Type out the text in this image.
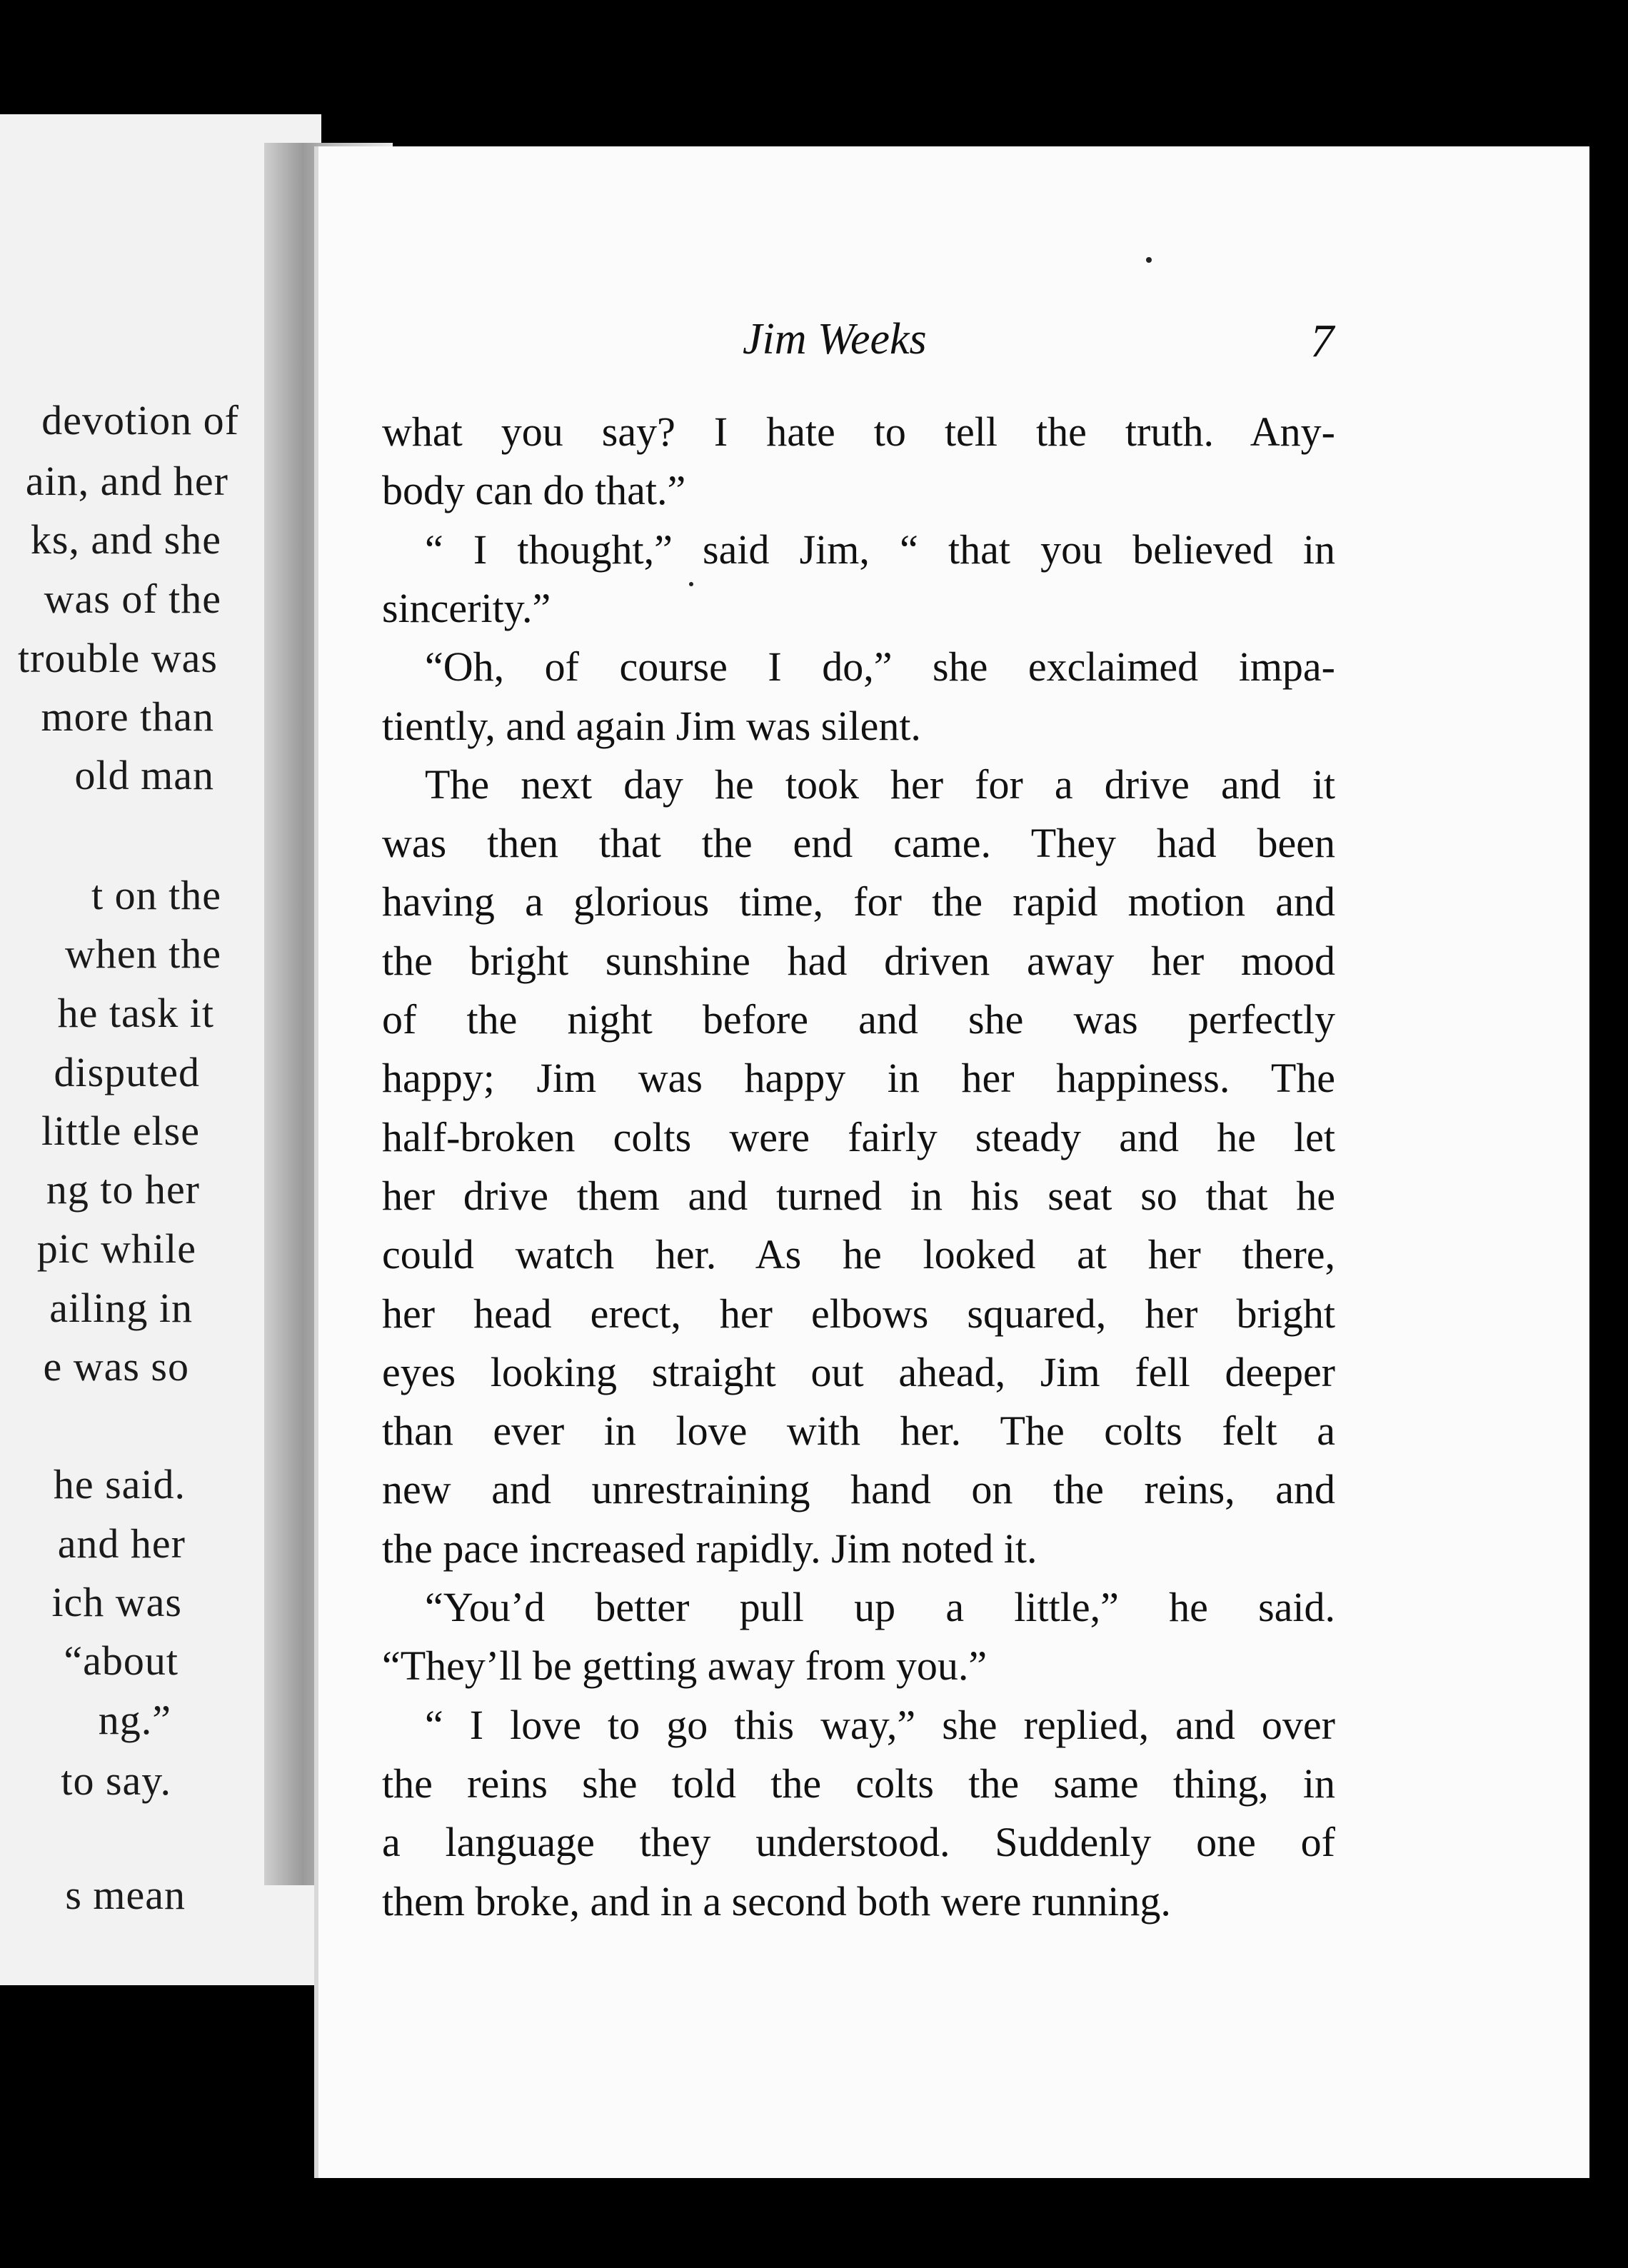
devotion of
ain, and her
ks, and she
was of the
trouble was
more than
old man
t on the
when the
he task it
disputed
little else
ng to her
pic while
ailing in
e was so
he said.
and her
ich was
“about
ng.”
to say.
s mean
Jim Weeks	7
what you say? I hate to tell the truth. Any-
body can do that.”
“ I thought,” said Jim, “ that you believed in
sincerity.”
“Oh, of course I do,” she exclaimed impa-
tiently, and again Jim was silent.
The next day he took her for a drive and it
was then that the end came. They had been
having a glorious time, for the rapid motion and
the bright sunshine had driven away her mood
of the night before and she was perfectly
happy; Jim was happy in her happiness. The
half-broken colts were fairly steady and he let
her drive them and turned in his seat so that he
could watch her. As he looked at her there,
her head erect, her elbows squared, her bright
eyes looking straight out ahead, Jim fell deeper
than ever in love with her. The colts felt a
new and unrestraining hand on the reins, and
the pace increased rapidly. Jim noted it.
“You’d better pull up a little,” he said.
“They’ll be getting away from you.”
“ I love to go this way,” she replied, and over
the reins she told the colts the same thing, in
a language they understood. Suddenly one of
them broke, and in a second both were running.
